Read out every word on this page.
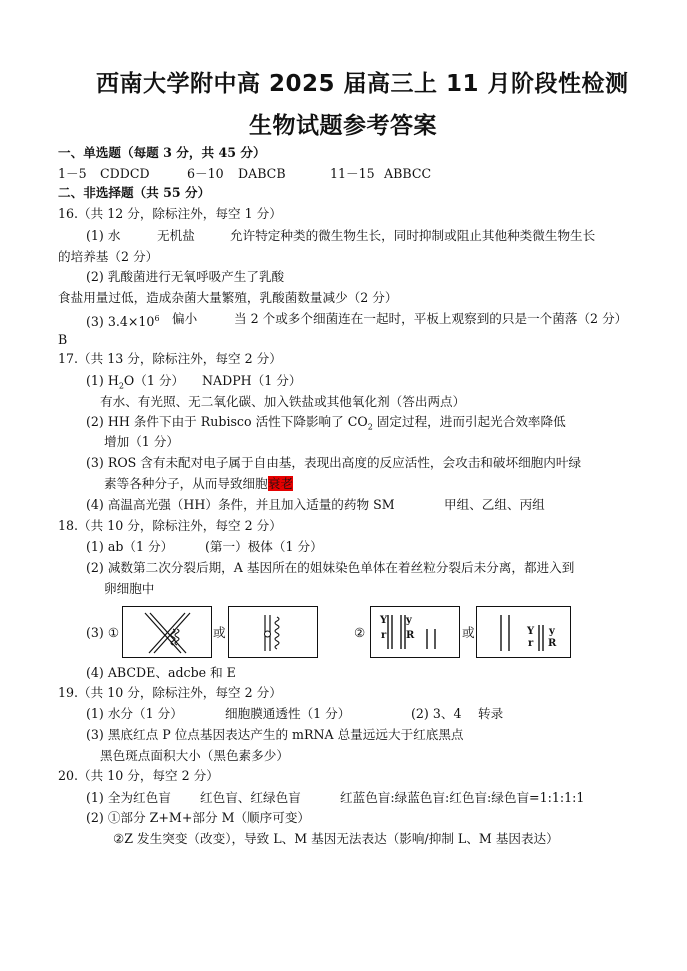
西南大学附中高 2025 届高三上 11 月阶段性检测
生物试题参考答案
一、单选题（每题 3 分，共 45 分）
1－5 CDDCD	6－10 DABCB	11－15 ABBCC
二、非选择题（共 55 分）
16.（共 12 分，除标注外，每空 1 分）
(1) 水	无机盐	允许特定种类的微生物生长，同时抑制或阻止其他种类微生物生长
的培养基（2 分）
(2) 乳酸菌进行无氧呼吸产生了乳酸
食盐用量过低，造成杂菌大量繁殖，乳酸菌数量减少（2 分）
(3) $3.4\times 10^6$ 偏小	当 2 个或多个细菌连在一起时，平板上观察到的只是一个菌落（2 分）
B
17.（共 13 分，除标注外，每空 2 分）
(1) $H_2O(1$ 分） NADPH（1 分）
有水、有光照、无二氧化碳、加入铁盐或其他氧化剂（答出两点）
(2) HH 条件下由于 Rubisco 活性下降影响了 $CO_2$ 固定过程，进而引起光合效率降低
增加（1 分）
(3) ROS 含有未配对电子属于自由基，表现出高度的反应活性，会攻击和破坏细胞内叶绿
素等各种分子，从而导致细胞衰老
(4) 高温高光强（HH）条件，并且加入适量的药物 SM	甲组、乙组、丙组
18.（共 10 分，除标注外，每空 2 分）
(1) ab（1 分）	(第一）极体（1 分）
(2) 减数第二次分裂后期，A 基因所在的姐妹染色单体在着丝粒分裂后未分离，都进入到
卵细胞中
(3) ①	或	②
Y y
r R	或	Y y
r R
(4) ABCDE、adcbe 和 E
19.（共 10 分，除标注外，每空 2 分）
(1) 水分（1 分）	细胞膜通透性（1 分）	(2) 3、4 转录
(3) 黑底红点 P 位点基因表达产生的 mRNA 总量远远大于红底黑点
黑色斑点面积大小（黑色素多少）
20.（共 10 分，每空 2 分）
(1) 全为红色盲 红色盲、红绿色盲	红蓝色盲:绿蓝色盲:红色盲:绿色盲=1:1:1:1
(2) ①部分 Z+M+部分 M（顺序可变）
②Z 发生突变（改变），导致 L、M 基因无法表达（影响/抑制 L、M 基因表达）
